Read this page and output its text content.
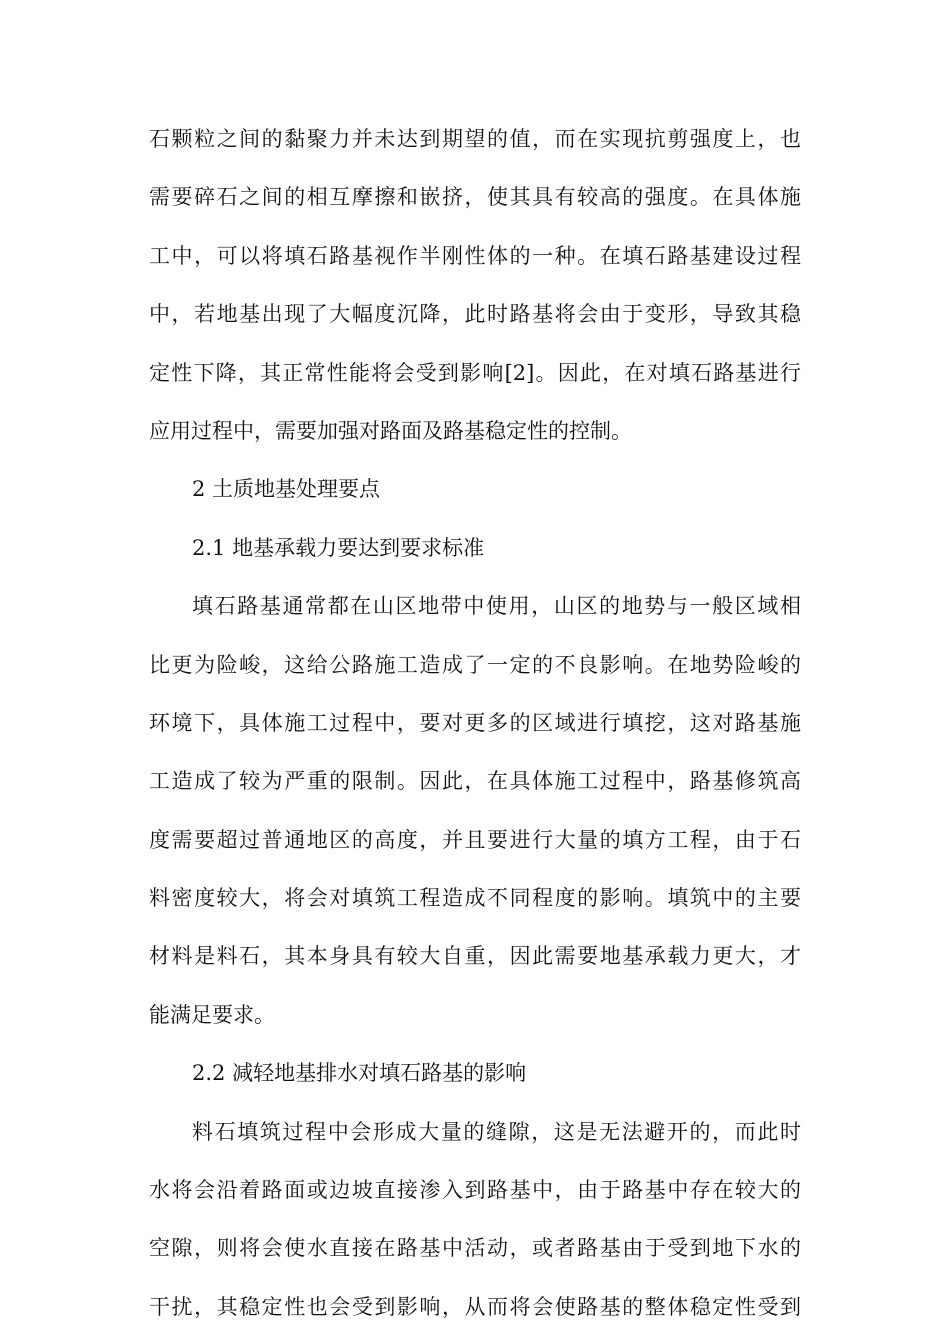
石颗粒之间的黏聚力并未达到期望的值，而在实现抗剪强度上，也
需要碎石之间的相互摩擦和嵌挤，使其具有较高的强度。在具体施
工中，可以将填石路基视作半刚性体的一种。在填石路基建设过程
中，若地基出现了大幅度沉降，此时路基将会由于变形，导致其稳
定性下降，其正常性能将会受到影响[2]。因此，在对填石路基进行
应用过程中，需要加强对路面及路基稳定性的控制。
2 土质地基处理要点
2.1 地基承载力要达到要求标准
填石路基通常都在山区地带中使用，山区的地势与一般区域相
比更为险峻，这给公路施工造成了一定的不良影响。在地势险峻的
环境下，具体施工过程中，要对更多的区域进行填挖，这对路基施
工造成了较为严重的限制。因此，在具体施工过程中，路基修筑高
度需要超过普通地区的高度，并且要进行大量的填方工程，由于石
料密度较大，将会对填筑工程造成不同程度的影响。填筑中的主要
材料是料石，其本身具有较大自重，因此需要地基承载力更大，才
能满足要求。
2.2 减轻地基排水对填石路基的影响
料石填筑过程中会形成大量的缝隙，这是无法避开的，而此时
水将会沿着路面或边坡直接渗入到路基中，由于路基中存在较大的
空隙，则将会使水直接在路基中活动，或者路基由于受到地下水的
干扰，其稳定性也会受到影响，从而将会使路基的整体稳定性受到
